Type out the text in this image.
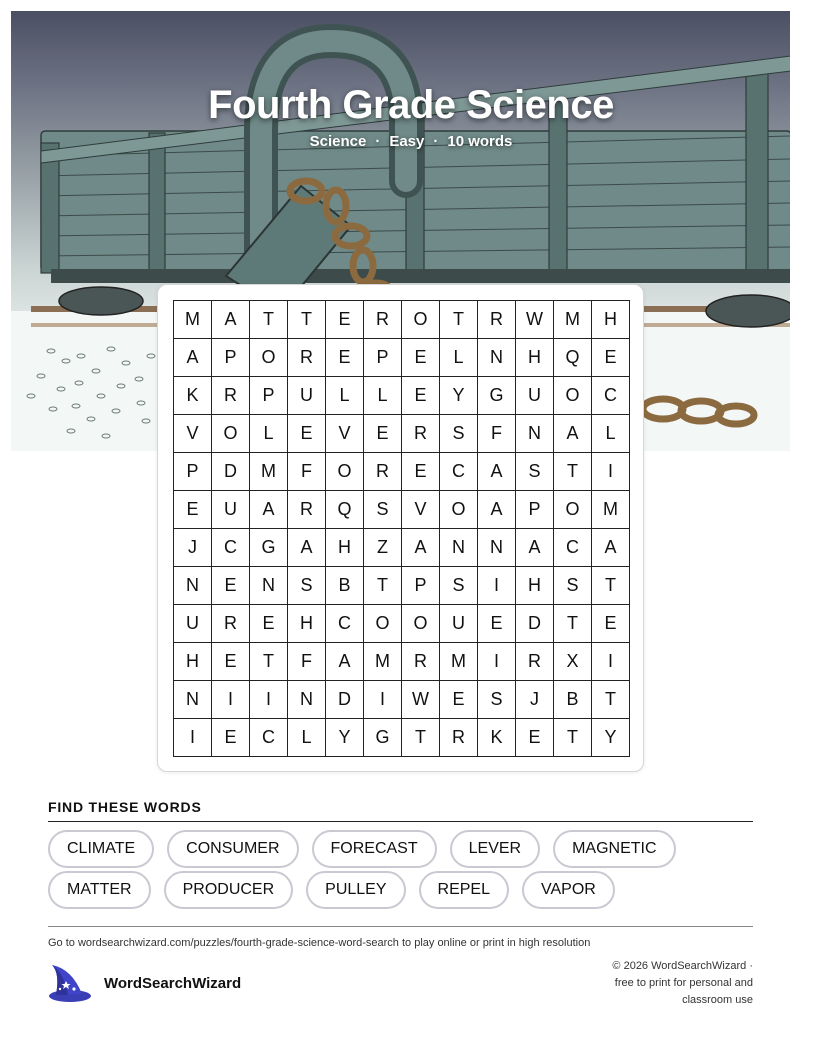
Fourth Grade Science
Science · Easy · 10 words
M	A	T	T	E	R	O	T	R	W	M	H
A	P	O	R	E	P	E	L	N	H	Q	E
K	R	P	U	L	L	E	Y	G	U	O	C
V	O	L	E	V	E	R	S	F	N	A	L
P	D	M	F	O	R	E	C	A	S	T	I
E	U	A	R	Q	S	V	O	A	P	O	M
J	C	G	A	H	Z	A	N	N	A	C	A
N	E	N	S	B	T	P	S	I	H	S	T
U	R	E	H	C	O	O	U	E	D	T	E
H	E	T	F	A	M	R	M	I	R	X	I
N	I	I	N	D	I	W	E	S	J	B	T
I	E	C	L	Y	G	T	R	K	E	T	Y
FIND THESE WORDS
CLIMATE	CONSUMER	FORECAST	LEVER	MAGNETIC
MATTER	PRODUCER	PULLEY	REPEL	VAPOR
Go to wordsearchwizard.com/puzzles/fourth-grade-science-word-search to play online or print in high resolution
WordSearchWizard
© 2026 WordSearchWizard ·
free to print for personal and
classroom use
